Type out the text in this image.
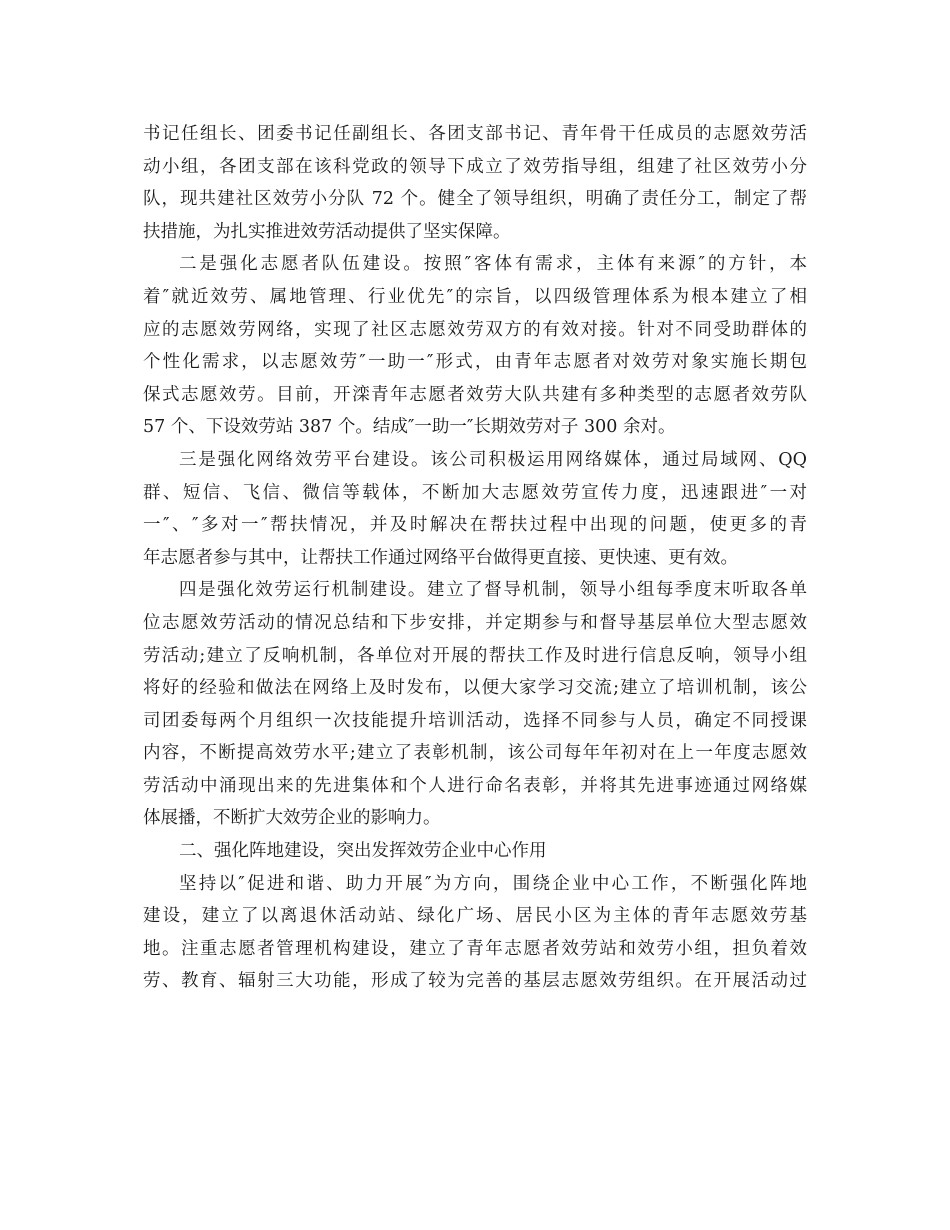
书记任组长、团委书记任副组长、各团支部书记、青年骨干任成员的志愿效劳活
动小组，各团支部在该科党政的领导下成立了效劳指导组，组建了社区效劳小分
队，现共建社区效劳小分队 72 个。健全了领导组织，明确了责任分工，制定了帮
扶措施，为扎实推进效劳活动提供了坚实保障。
二是强化志愿者队伍建设。按照″客体有需求，主体有来源″的方针，本
着″就近效劳、属地管理、行业优先″的宗旨，以四级管理体系为根本建立了相
应的志愿效劳网络，实现了社区志愿效劳双方的有效对接。针对不同受助群体的
个性化需求，以志愿效劳″一助一″形式，由青年志愿者对效劳对象实施长期包
保式志愿效劳。目前，开滦青年志愿者效劳大队共建有多种类型的志愿者效劳队
57 个、下设效劳站 387 个。结成″一助一″长期效劳对子 300 余对。
三是强化网络效劳平台建设。该公司积极运用网络媒体，通过局域网、QQ
群、短信、飞信、微信等载体，不断加大志愿效劳宣传力度，迅速跟进″一对
一″、″多对一″帮扶情况，并及时解决在帮扶过程中出现的问题，使更多的青
年志愿者参与其中，让帮扶工作通过网络平台做得更直接、更快速、更有效。
四是强化效劳运行机制建设。建立了督导机制，领导小组每季度末听取各单
位志愿效劳活动的情况总结和下步安排，并定期参与和督导基层单位大型志愿效
劳活动;建立了反响机制，各单位对开展的帮扶工作及时进行信息反响，领导小组
将好的经验和做法在网络上及时发布，以便大家学习交流;建立了培训机制，该公
司团委每两个月组织一次技能提升培训活动，选择不同参与人员，确定不同授课
内容，不断提高效劳水平;建立了表彰机制，该公司每年年初对在上一年度志愿效
劳活动中涌现出来的先进集体和个人进行命名表彰，并将其先进事迹通过网络媒
体展播，不断扩大效劳企业的影响力。
二、强化阵地建设，突出发挥效劳企业中心作用
坚持以″促进和谐、助力开展″为方向，围绕企业中心工作，不断强化阵地
建设，建立了以离退休活动站、绿化广场、居民小区为主体的青年志愿效劳基
地。注重志愿者管理机构建设，建立了青年志愿者效劳站和效劳小组，担负着效
劳、教育、辐射三大功能，形成了较为完善的基层志愿效劳组织。在开展活动过
